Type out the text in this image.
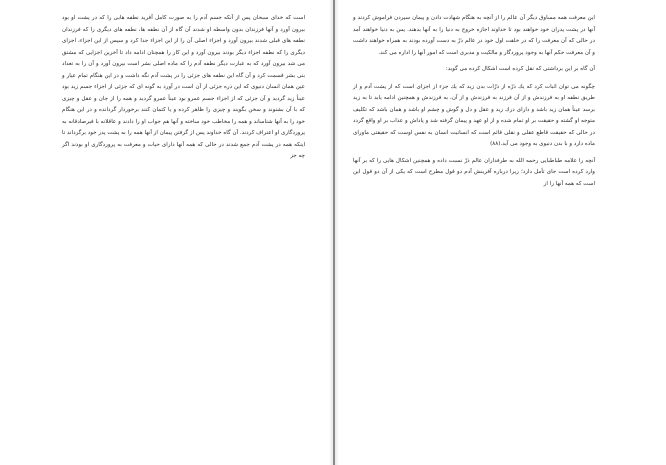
است كه خدای سبحان پس از آنكه جسم آدم را به صورت كامل آفريد نطفه هايی را كه در پشت او بود بيرون آورد و آنها فرزندان بدون واسطه او شدند آن گاه از آن نطفه ها، نطفه های ديگری را كه فرزندان نطفه های قبلی شدند بيرون آورد و اجزاء اصلی آن را از اين اجزاء جدا كرد و سپس از اين اجزاء، اجزای ديگری را كه نطفه اجزاء ديگر بودند بيرون آورد و اين كار را همچنان ادامه داد تا آخرين اجزايی كه مشتق می شد بيرون آورد كه به عبارت ديگر نطفه آدم را كه ماده اصلی بشر است بيرون آورد و آن را به تعداد بنی بشر قسمت كرد و آن گاه اين نطفه های جزئی را در پشت آدم نگه داشت و در اين هنگام تمام عيار و عين همان انسان دنيوی كه اين ذره جزئی از آن است در آورد به گونه ای كه جزئی از اجزاء جسم زيد بود عيناً زيد گرديد و آن جزئی كه از اجزاء جسم عمرو بود عيناً عمرو گرديد و همه را از جان و عقل و چيزی كه با آن بشنوند و سخن بگويند و چيزی را ظاهر كرده و يا كتمان كنند برخوردار گردانده و در اين هنگام خود را به آنها شناساند و همه را مخاطب خود ساخته و آنها هم جواب او را دادند و عاقلانه با فيرصادقانه به پروردگاری او اعتراف كردند. آن گاه خداوند پس از گرفتن پيمان از آنها همه را به پشت پدر خود برگرداند تا اينكه همه در پشت آدم جمع شدند در حالی كه همه آنها دارای حيات و معرفت به پروردگاری او بودند اگر چه جز

اين معرفت همه مساوق ديگر آن عالم را از آنچه به هنگام شهادت دادن و پيمان سپردن فراموش كردند و آنها در پشت پدران خود خواهند بود تا خداوند اجازه خروج به دنيا را به آنها بدهند. پس به دنيا خواهند آمد در حالی كه آن معرفت را كه در خلقت اول خود در عالم ذرّ به دست آورده بودند به همراه خواهند داشت و آن معرفت حكم آنها به وجود پروردگار و مالكيت و مدبری است كه امور آنها را اداره می كند.

آن گاه بر اين برداشتی كه نقل كرده است اشكال كرده می گويد:

چگونه می توان اثبات كرد كه يك ذرّه از ذرّات بدن زيد كه يك جزء از اجزای است كه از پشت آدم و از طريق نطفه او به فرزندش و از آن فرزند به فرزندش و از آن، به فرزندش و همچنين ادامه يابد تا به زيد برسد عيناً همان زيد باشد و دارای درك زيد و عقل و دل و گوش و چشم او باشد و همان باشد كه تكليف متوجه او گشته و حقيقت بر او تمام شده و از او عهد و پيمان گرفته شد و پاداش و عذاب بر او واقع گردد در حالی كه حقيقت قاطع عقلی و نقلی قائم است كه انسانيت انسان به نفس اوست كه حقيقتی ماورای ماده دارد و با بدن دنيوی به وجود می آيد.(٨٨)

آنچه را علامه طباطبايی رحمه الله به طرفداران عالم ذرّ نسبت داده و همچنين اشكال هايی را كه بر آنها وارد كرده است جای تأمل دارد؛ زيرا درباره آفرينش آدم دو قول مطرح است كه يكی از آن دو قول اين است كه همه آنها را از
